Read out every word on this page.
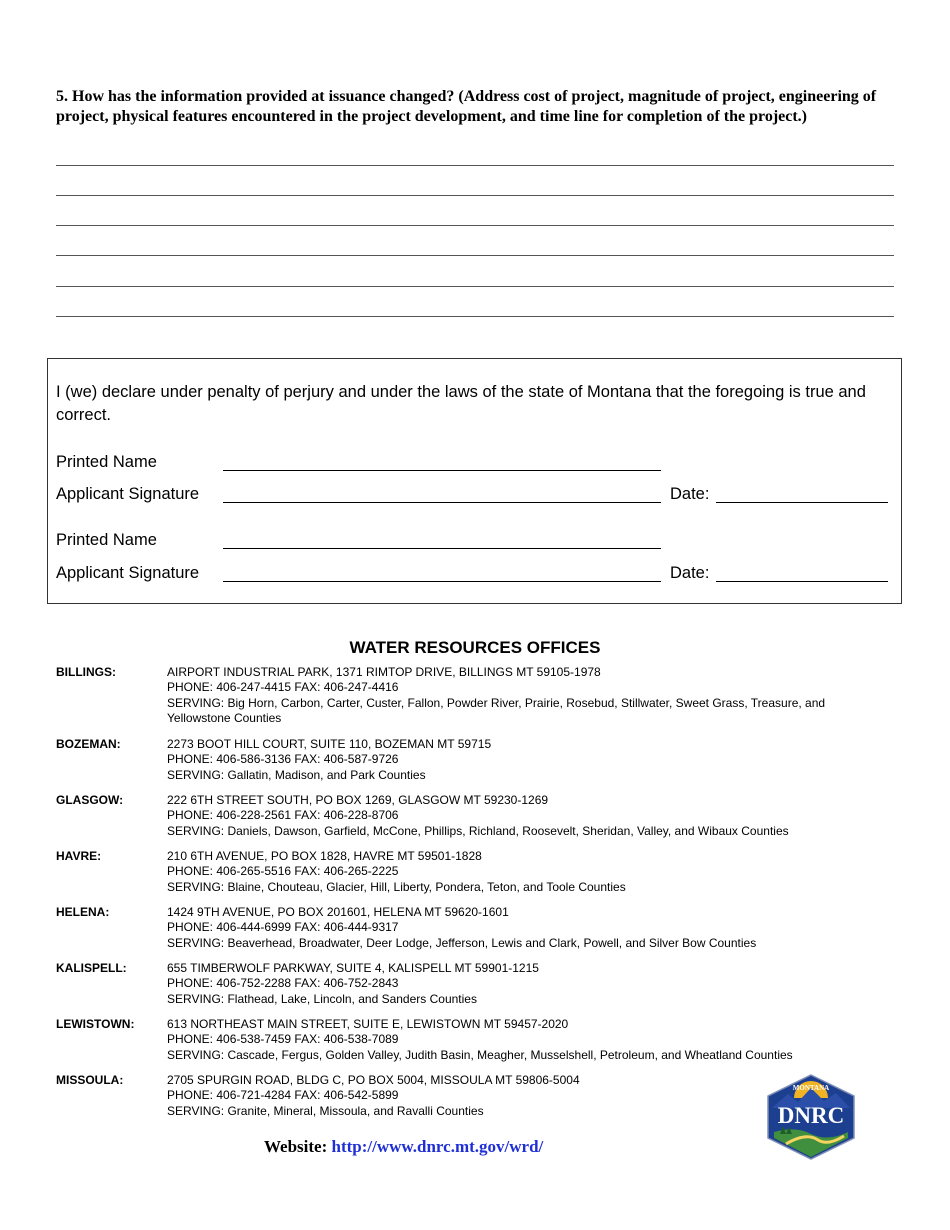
5. How has the information provided at issuance changed? (Address cost of project, magnitude of project, engineering of project, physical features encountered in the project development, and time line for completion of the project.)
I (we) declare under penalty of perjury and under the laws of the state of Montana that the foregoing is true and correct.
Printed Name
Applicant Signature	Date:
Printed Name
Applicant Signature	Date:
WATER RESOURCES OFFICES
BILLINGS:	AIRPORT INDUSTRIAL PARK, 1371 RIMTOP DRIVE, BILLINGS MT 59105-1978
PHONE: 406-247-4415 FAX: 406-247-4416
SERVING: Big Horn, Carbon, Carter, Custer, Fallon, Powder River, Prairie, Rosebud, Stillwater, Sweet Grass, Treasure, and Yellowstone Counties
BOZEMAN:	2273 BOOT HILL COURT, SUITE 110, BOZEMAN MT 59715
PHONE: 406-586-3136 FAX: 406-587-9726
SERVING: Gallatin, Madison, and Park Counties
GLASGOW:	222 6TH STREET SOUTH, PO BOX 1269, GLASGOW MT 59230-1269
PHONE: 406-228-2561 FAX: 406-228-8706
SERVING: Daniels, Dawson, Garfield, McCone, Phillips, Richland, Roosevelt, Sheridan, Valley, and Wibaux Counties
HAVRE:	210 6TH AVENUE, PO BOX 1828, HAVRE MT 59501-1828
PHONE: 406-265-5516 FAX: 406-265-2225
SERVING: Blaine, Chouteau, Glacier, Hill, Liberty, Pondera, Teton, and Toole Counties
HELENA:	1424 9TH AVENUE, PO BOX 201601, HELENA MT 59620-1601
PHONE: 406-444-6999 FAX: 406-444-9317
SERVING: Beaverhead, Broadwater, Deer Lodge, Jefferson, Lewis and Clark, Powell, and Silver Bow Counties
KALISPELL:	655 TIMBERWOLF PARKWAY, SUITE 4, KALISPELL MT 59901-1215
PHONE: 406-752-2288 FAX: 406-752-2843
SERVING: Flathead, Lake, Lincoln, and Sanders Counties
LEWISTOWN:	613 NORTHEAST MAIN STREET, SUITE E, LEWISTOWN MT 59457-2020
PHONE: 406-538-7459 FAX: 406-538-7089
SERVING: Cascade, Fergus, Golden Valley, Judith Basin, Meagher, Musselshell, Petroleum, and Wheatland Counties
MISSOULA:	2705 SPURGIN ROAD, BLDG C, PO BOX 5004, MISSOULA MT 59806-5004
PHONE: 406-721-4284 FAX: 406-542-5899
SERVING: Granite, Mineral, Missoula, and Ravalli Counties
Website: http://www.dnrc.mt.gov/wrd/
MONTANA
DNRC
